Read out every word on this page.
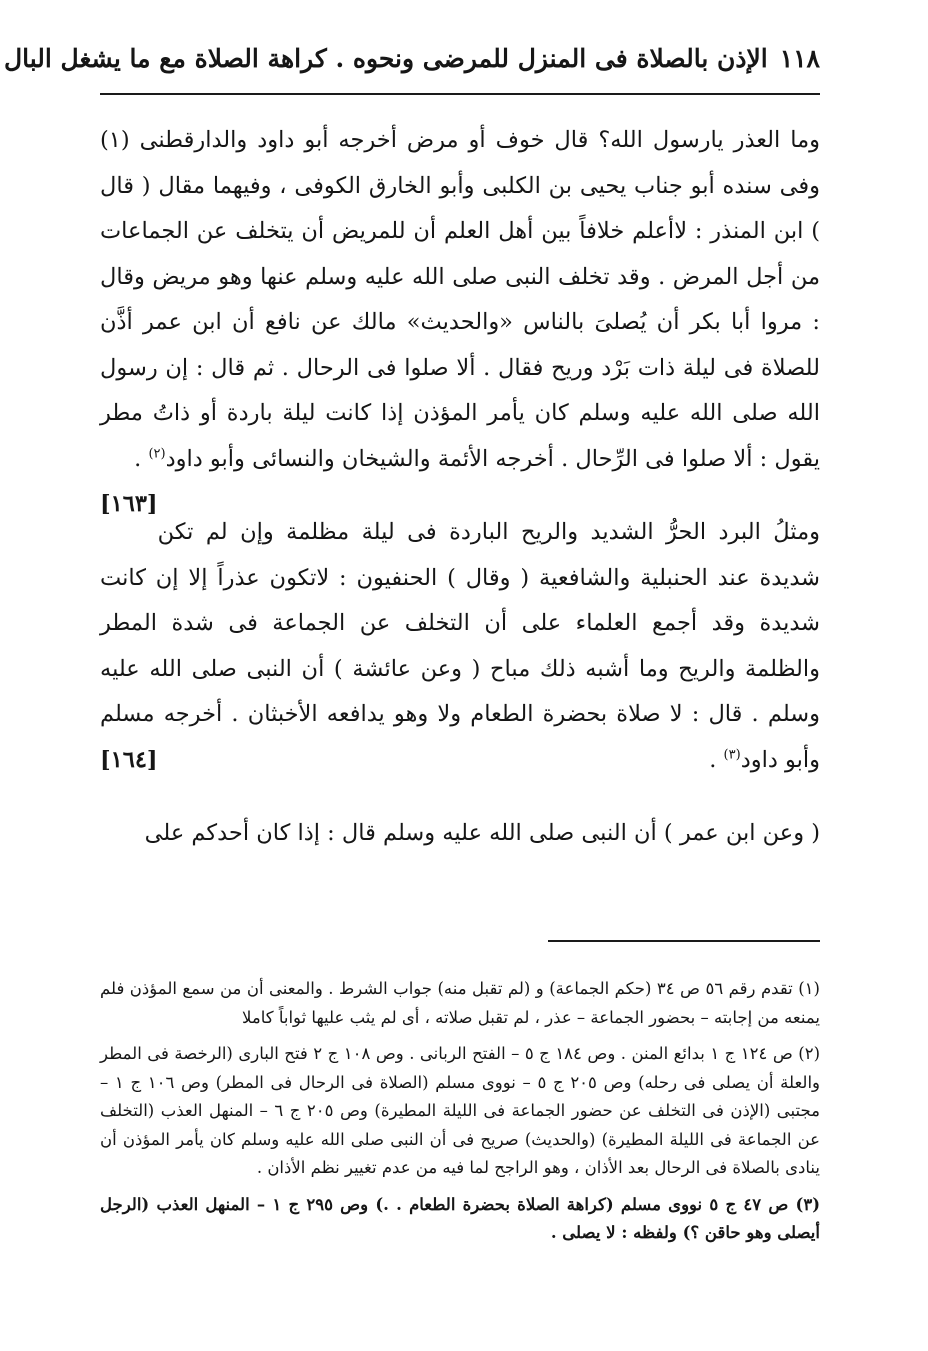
١١٨
الإذن بالصلاة فى المنزل للمرضى ونحوه . كراهة الصلاة مع ما يشغل البال

وما العذر يارسول الله؟ قال خوف أو مرض أخرجه أبو داود والدارقطنى (١) وفى سنده أبو جناب يحيى بن الكلبى وأبو الخارق الكوفى ، وفيهما مقال ( قال ) ابن المنذر : لاأعلم خلافاً بين أهل العلم أن للمريض أن يتخلف عن الجماعات من أجل المرض . وقد تخلف النبى صلى الله عليه وسلم عنها وهو مريض وقال : مروا أبا بكر أن يُصلىَ بالناس «والحديث» مالك عن نافع أن ابن عمر أذَّن للصلاة فى ليلة ذات بَرْد وريح فقال . ألا صلوا فى الرحال . ثم قال : إن رسول الله صلى الله عليه وسلم كان يأمر المؤذن إذا كانت ليلة باردة أو ذاتُ مطر يقول : ألا صلوا فى الرِّحال . أخرجه الأئمة والشيخان والنسائى وأبو داود$^{(٢)}$ .
[١٦٣]

ومثلُ البرد الحرُّ الشديد والريح الباردة فى ليلة مظلمة وإن لم تكن شديدة عند الحنبلية والشافعية ( وقال ) الحنفيون : لاتكون عذراً إلا إن كانت شديدة وقد أجمع العلماء على أن التخلف عن الجماعة فى شدة المطر والظلمة والريح وما أشبه ذلك مباح ( وعن عائشة ) أن النبى صلى الله عليه وسلم . قال : لا صلاة بحضرة الطعام ولا وهو يدافعه الأخبثان . أخرجه مسلم وأبو داود$^{(٣)}$ .
[١٦٤]

( وعن ابن عمر ) أن النبى صلى الله عليه وسلم قال : إذا كان أحدكم على

(١) تقدم رقم ٥٦ ص ٣٤ (حكم الجماعة) و (لم تقبل منه) جواب الشرط . والمعنى أن من سمع المؤذن فلم يمنعه من إجابته – بحضور الجماعة – عذر ، لم تقبل صلاته ، أى لم يثب عليها ثواباً كاملا

(٢) ص ١٢٤ ج ١ بدائع المنن . وص ١٨٤ ج ٥ – الفتح الربانى . وص ١٠٨ ج ٢ فتح البارى (الرخصة فى المطر والعلة أن يصلى فى رحله) وص ٢٠٥ ج ٥ – نووى مسلم (الصلاة فى الرحال فى المطر) وص ١٠٦ ج ١ – مجتبى (الإذن فى التخلف عن حضور الجماعة فى الليلة المطيرة) وص ٢٠٥ ج ٦ – المنهل العذب (التخلف عن الجماعة فى الليلة المطيرة) (والحديث) صريح فى أن النبى صلى الله عليه وسلم كان يأمر المؤذن أن ينادى بالصلاة فى الرحال بعد الأذان ، وهو الراجح لما فيه من عدم تغيير نظم الأذان .

(٣) ص ٤٧ ج ٥ نووى مسلم (كراهة الصلاة بحضرة الطعام . .) وص ٢٩٥ ج ١ – المنهل العذب (الرجل أيصلى وهو حاقن ؟) ولفظه : لا يصلى .
